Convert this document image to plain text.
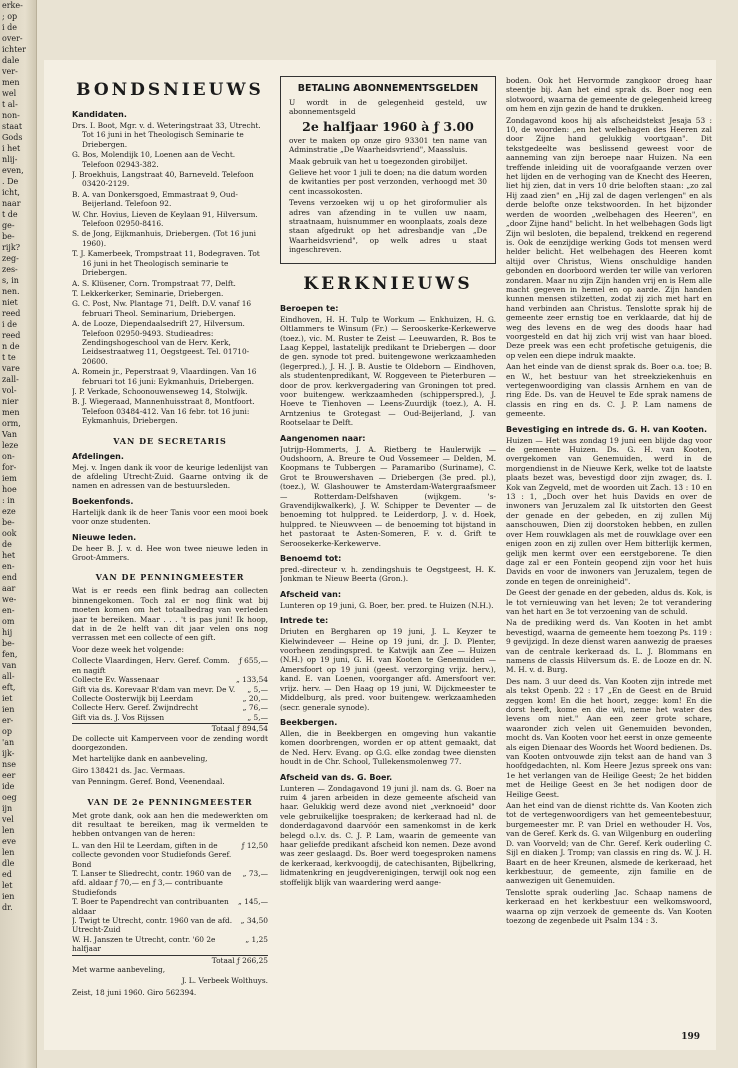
erke-
; op
i de
over-
ichter
dale
ver-
men
wel
t al-
non-
staat
Gods
i het
nlij-
even,
. De
icht,
naar
t de
ge-
be-
rijk?
zeg-
zes-
s, in
nen.
niet
reed
i de
reed
n de
t te
vare
zall-
vol-
nier
men
orm,
Van
leze
on-
for-
iem
hoe
: in
eze
be-
ook
de
het
en-
end
aar
we-
en-
om
hij
be-
fen,
van
all-
eft,
iet
ien
er-
op
'an
ijk-
nse
eer
ide
oeg
ijn
vel
len
eve
len
dle
ed
let
ien
dr.
BONDSNIEUWS
Kandidaten.
Drs. I. Boot, Mgr. v. d. Weteringstraat 33, Utrecht. Tot 16 juni in het Theologisch Seminarie te Driebergen.
G. Bos, Molendijk 10, Loenen aan de Vecht. Telefoon 02943-382.
J. Broekhuis, Langstraat 40, Barneveld. Telefoon 03420-2129.
B. A. van Donkersgoed, Emmastraat 9, Oud-Beijerland. Telefoon 92.
W. Chr. Hovius, Lieven de Keylaan 91, Hilversum. Telefoon 02950-8416.
S. de Jong, Eijkmanhuis, Driebergen. (Tot 16 juni 1960).
T. J. Kamerbeek, Trompstraat 11, Bodegraven. Tot 16 juni in het Theologisch seminarie te Driebergen.
A. S. Klüsener, Corn. Trompstraat 77, Delft.
T. Lekkerkerker, Seminarie, Driebergen.
G. C. Post, Nw. Plantage 71, Delft. D.V. vanaf 16 februari Theol. Seminarium, Driebergen.
A. de Looze, Diependaalsedrift 27, Hilversum. Telefoon 02950-9493. Studieadres: Zendingshogeschool van de Herv. Kerk, Leidsestraatweg 11, Oegstgeest. Tel. 01710-20600.
A. Romein jr., Peperstraat 9, Vlaardingen. Van 16 februari tot 16 juni: Eykmanhuis, Driebergen.
J. P. Verkade, Schoonouwenseweg 14, Stolwijk.
B. J. Wiegeraad, Mannenhuisstraat 8, Montfoort. Telefoon 03484-412. Van 16 febr. tot 16 juni: Eykmanhuis, Driebergen.
VAN DE SECRETARIS
Afdelingen.

Mej. v. Ingen dank ik voor de keurige ledenlijst van de afdeling Utrecht-Zuid. Gaarne ontving ik de namen en adressen van de bestuursleden.

Boekenfonds.

Hartelijk dank ik de heer Tanis voor een mooi boek voor onze studenten.

Nieuwe leden.

De heer B. J. v. d. Hee won twee nieuwe leden in Groot-Ammers.

VAN DE PENNINGMEESTER

Wat is er reeds een flink bedrag aan collecten binnengekomen. Toch zal er nog flink wat bij moeten komen om het totaalbedrag van verleden jaar te bereiken. Maar . . . 't is pas juni! Ik hoop, dat in de 2e helft van dit jaar velen ons nog verrassen met een collecte of een gift.

Voor deze week het volgende:

Collecte Vlaardingen, Herv. Geref. Comm. en nagift
ƒ 655,—
Collecte Ev. Wassenaar	„ 133,54
Gift via ds. Korevaar R'dam van mevr. De V.	„ 5,—
Collecte Oosterwijk bij Leerdam	„ 20,—
Collecte Herv. Geref. Zwijndrecht	„ 76,—
Gift via ds. J. Vos Rijssen	„ 5,—
Totaal ƒ 894,54

De collecte uit Kamperveen voor de zending wordt doorgezonden.

Met hartelijke dank en aanbeveling,

Giro 138421 ds. Jac. Vermaas.

van Penningm. Geref. Bond, Veenendaal.

VAN DE 2e PENNINGMEESTER

Met grote dank, ook aan hen die medewerkten om dit resultaat te bereiken, mag ik vermelden te hebben ontvangen van de heren:

L. van den Hil te Leerdam, giften in de collecte gevonden voor Studiefonds Geref. Bond
ƒ 12,50
T. Lanser te Sliedrecht, contr. 1960 van de afd. aldaar ƒ 70,— en ƒ 3,— contribuante Studiefonds
„ 73,—
T. Boer te Papendrecht van contribuanten aldaar
„ 145,—
J. Twigt te Utrecht, contr. 1960 van de afd. Utrecht-Zuid
„ 34,50
W. H. Janszen te Utrecht, contr. '60 2e halfjaar
„ 1,25
Totaal ƒ 266,25

Met warme aanbeveling,

J. L. Verbeek Wolthuys.

Zeist, 18 juni 1960. Giro 562394.

BETALING ABONNEMENTSGELDEN

U wordt in de gelegenheid gesteld, uw abonnementsgeld

2e halfjaar 1960 à ƒ 3.00

over te maken op onze giro 93301 ten name van Adminstratie „De Waarheidsvriend", Maassluis.

Maak gebruik van het u toegezonden girobiljet.

Gelieve het voor 1 juli te doen; na die datum worden de kwitanties per post verzonden, verhoogd met 30 cent incassokosten.

Tevens verzoeken wij u op het giroformulier als adres van afzending in te vullen uw naam, straatnaam, huisnummer en woonplaats, zoals deze staan afgedrukt op het adresbandje van „De Waarheidsvriend", op welk adres u staat ingeschreven.

KERKNIEUWS
Beroepen te:

Eindhoven, H. H. Tulp te Workum — Enkhuizen, H. G. Oltlammers te Winsum (Fr.) — Serooskerke-Kerkewerve (toez.), vic. M. Ruster te Zeist — Leeuwarden, R. Bos te Laag Keppel, lastatelijk predikant te Driebergen — door de gen. synode tot pred. buitengewone werkzaamheden (legerpred.), J. H. J. B. Austie te Oldeborn — Eindhoven, als studentenpredikant, W. Roggeveen te Pieterburen — door de prov. kerkvergadering van Groningen tot pred. voor buitengew. werkzaamheden (schipperspred.), J. Hoeve te Tienhoven — Leens-Zuurdijk (toez.), A. H. Arntzenius te Grotegast — Oud-Beijerland, J. van Rootselaar te Delft.

Aangenomen naar:

Jutrijp-Hommerts, J. A. Rietberg te Haulerwijk — Oudshoorn, A. Breure te Oud Vossemeer — Delden, M. Koopmans te Tubbergen — Paramaribo (Suriname), C. Grot te Brouwershaven — Driebergen (3e pred. pl.), (toez.), W. Glashouwer te Amsterdam-Watergraafsmeer — Rotterdam-Delfshaven (wijkgem. 's-Gravendijkwalkerk), J. W. Schipper te Deventer — de benoeming tot hulppred. te Leiderdorp, J. v. d. Hoek, hulppred. te Nieuwveen — de benoeming tot bijstand in het pastoraat te Asten-Someren, F. v. d. Grift te Seroosekerke-Kerkewerve.

Benoemd tot:

pred.-directeur v. h. zendingshuis te Oegstgeest, H. K. Jonkman te Nieuw Beerta (Gron.).

Afscheid van:

Lunteren op 19 juni, G. Boer, ber. pred. te Huizen (N.H.).

Intrede te:

Driuten en Bergharen op 19 juni, J. L. Keyzer te Kielwindeveer — Heine op 19 juni, dr. J. D. Plenter, voorheen zendingspred. te Katwijk aan Zee — Huizen (N.H.) op 19 juni, G. H. van Kooten te Genemuiden — Amersfoort op 19 juni (geest. verzorging vrijz. herv.), kand. E. van Loenen, voorganger afd. Amersfoort ver. vrijz. herv. — Den Haag op 19 juni, W. Dijckmeester te Middelburg, als pred. voor buitengew. werkzaamheden (secr. generale synode).

Beekbergen.

Allen, die in Beekbergen en omgeving hun vakantie komen doorbrengen, worden er op attent gemaakt, dat de Ned. Herv. Evang. op G.G. elke zondag twee diensten houdt in de Chr. School, Tullekensmolenweg 77.

Afscheid van ds. G. Boer.

Lunteren — Zondagavond 19 juni jl. nam ds. G. Boer na ruim 4 jaren arbeiden in deze gemeente afscheid van haar. Gelukkig werd deze avond niet „verknoeid" door vele gebruikelijke toespraken; de kerkeraad had nl. de donderdagavond daarvóór een samenkomst in de kerk belegd o.l.v. ds. C. J. P. Lam, waarin de gemeente van haar geliefde predikant afscheid kon nemen. Deze avond was zeer geslaagd. Ds. Boer werd toegesproken namens de kerkeraad, kerkvoogdij, de catechisanten, Bijbelkring, lidmatenkring en jeugdverenigingen, terwijl ook nog een stoffelijk blijk van waardering werd aange-

boden. Ook het Hervormde zangkoor droeg haar steentje bij. Aan het eind sprak ds. Boer nog een slotwoord, waarna de gemeente de gelegenheid kreeg om hem en zijn gezin de hand te drukken.

Zondagavond koos hij als afscheidstekst Jesaja 53 : 10, de woorden: „en het welbehagen des Heeren zal door Zijne hand gelukkig voortgaan". Dit tekstgedeelte was beslissend geweest voor de aanneming van zijn beroepe naar Huizen. Na een treffende inleiding uit de voorafgaande verzen over het lijden en de verhoging van de Knecht des Heeren, liet hij zien, dat in vers 10 drie beloften staan: „zo zal Hij zaad zien" en „Hij zal de dagen verlengen" en als derde belofte onze tekstwoorden. In het bijzonder werden de woorden „welbehagen des Heeren", en „door Zijne hand" belicht. In het welbehagen Gods ligt Zijn wil besloten, die bepalend, trekkend en regerend is. Ook de eenzijdige werking Gods tot mensen werd helder belicht. Het welbehagen des Heeren komt altijd over Christus, Wiens onschuldige handen gebonden en doorboord werden ter wille van verloren zondaren. Maar nu zijn Zijn handen vrij en is Hem alle macht gegeven in hemel en op aarde. Zijn handen kunnen mensen stilzetten, zodat zij zich met hart en hand verbinden aan Christus. Tenslotte sprak hij de gemeente zeer ernstig toe en verklaarde, dat hij de weg des levens en de weg des doods haar had voorgesteld en dat hij zich vrij wist van haar bloed. Deze preek was een echt profetische getuigenis, die op velen een diepe indruk maakte.

Aan het einde van de dienst sprak ds. Boer o.a. toe; B. en W., het bestuur van het streekziekenhuis en vertegenwoordiging van classis Arnhem en van de ring Ede. Ds. van de Heuvel te Ede sprak namens de classis en ring en ds. C. J. P. Lam namens de gemeente.

Bevestiging en intrede ds. G. H. van Kooten.

Huizen — Het was zondag 19 juni een blijde dag voor de gemeente Huizen. Ds. G. H. van Kooten, overgekomen van Genemuiden, werd in de morgendienst in de Nieuwe Kerk, welke tot de laatste plaats bezet was, bevestigd door zijn zwager, ds. I. Kok van Zegveld, met de woorden uit Zach. 13 : 10 en 13 : 1, „Doch over het huis Davids en over de inwoners van Jeruzalem zal Ik uitstorten den Geest der genade en der gebeden, en zij zullen Mij aanschouwen, Dien zij doorstoken hebben, en zullen over Hem rouwklagen als met de rouwklage over een enigen zoon en zij zullen over Hem bitterlijk kermen, gelijk men kermt over een eerstgeborene. Te dien dage zal er een Fontein geopend zijn voor het huis Davids en voor de inwoners van Jeruzalem, tegen de zonde en tegen de onreinigheid".

De Geest der genade en der gebeden, aldus ds. Kok, is le tot vernieuwing van het leven; 2e tot verandering van het hart en 3e tot verzoening van de schuld.

Na de prediking werd ds. Van Kooten in het ambt bevestigd, waarna de gemeente hem toezong Ps. 119 : 9 gevijzigd. In deze dienst waren aanwezig de praeses van de centrale kerkeraad ds. L. J. Blommans en namens de classis Hilversum ds. E. de Looze en dr. N. M. H. v. d. Burg.

Des nam. 3 uur deed ds. Van Kooten zijn intrede met als tekst Openb. 22 : 17 „En de Geest en de Bruid zeggen kom! En die het hoort, zegge: kom! En die dorst heeft, kome en die wil, neme het water des levens om niet." Aan een zeer grote schare, waaronder zich velen uit Genemuiden bevonden, mocht ds. Van Kooten voor het eerst in onze gemeente als eigen Dienaar des Woords het Woord bedienen. Ds. van Kooten ontvouwde zijn tekst aan de hand van 3 hoofdgedachten, nl. Kom Heere Jezus spreek ons van: 1e het verlangen van de Heilige Geest; 2e het bidden met de Heilige Geest en 3e het nodigen door de Heilige Geest.

Aan het eind van de dienst richtte ds. Van Kooten zich tot de vertegenwoordigers van het gemeentebestuur, burgemeester mr. P. van Driel en wethouder H. Vos, van de Geref. Kerk ds. G. van Wilgenburg en ouderling D. van Voorveld; van de Chr. Geref. Kerk ouderling C. Sijl en diaken J. Tromp; van classis en ring ds. W. J. H. Baart en de heer Kreunen, alsmede de kerkeraad, het kerkbestuur, de gemeente, zijn familie en de aanwezigen uit Genemuiden.

Tenslotte sprak ouderling Jac. Schaap namens de kerkeraad en het kerkbestuur een welkomswoord, waarna op zijn verzoek de gemeente ds. Van Kooten toezong de zegenbede uit Psalm 134 : 3.

199
